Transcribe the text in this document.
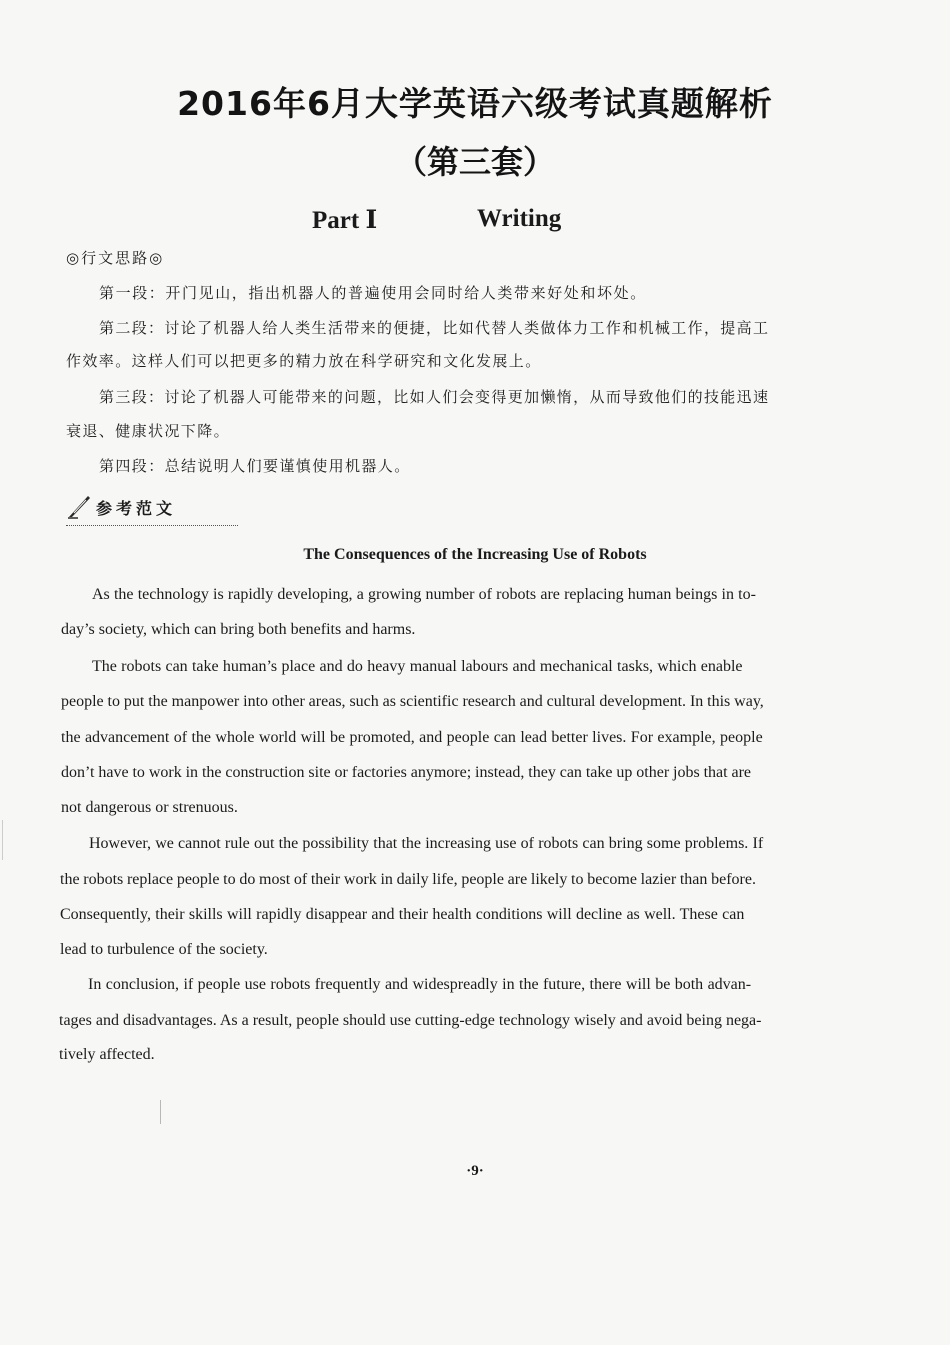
2016年6月大学英语六级考试真题解析
（第三套）
Part Ⅰ	Writing
◎行文思路◎
第一段：开门见山，指出机器人的普遍使用会同时给人类带来好处和坏处。
第二段：讨论了机器人给人类生活带来的便捷，比如代替人类做体力工作和机械工作，提高工
作效率。这样人们可以把更多的精力放在科学研究和文化发展上。
第三段：讨论了机器人可能带来的问题，比如人们会变得更加懒惰，从而导致他们的技能迅速
衰退、健康状况下降。
第四段：总结说明人们要谨慎使用机器人。
参考范文
The Consequences of the Increasing Use of Robots
As the technology is rapidly developing, a growing number of robots are replacing human beings in to-
day’s society, which can bring both benefits and harms.
The robots can take human’s place and do heavy manual labours and mechanical tasks, which enable
people to put the manpower into other areas, such as scientific research and cultural development. In this way,
the advancement of the whole world will be promoted, and people can lead better lives. For example, people
don’t have to work in the construction site or factories anymore; instead, they can take up other jobs that are
not dangerous or strenuous.
However, we cannot rule out the possibility that the increasing use of robots can bring some problems. If
the robots replace people to do most of their work in daily life, people are likely to become lazier than before.
Consequently, their skills will rapidly disappear and their health conditions will decline as well. These can
lead to turbulence of the society.
In conclusion, if people use robots frequently and widespreadly in the future, there will be both advan-
tages and disadvantages. As a result, people should use cutting-edge technology wisely and avoid being nega-
tively affected.
·9·
